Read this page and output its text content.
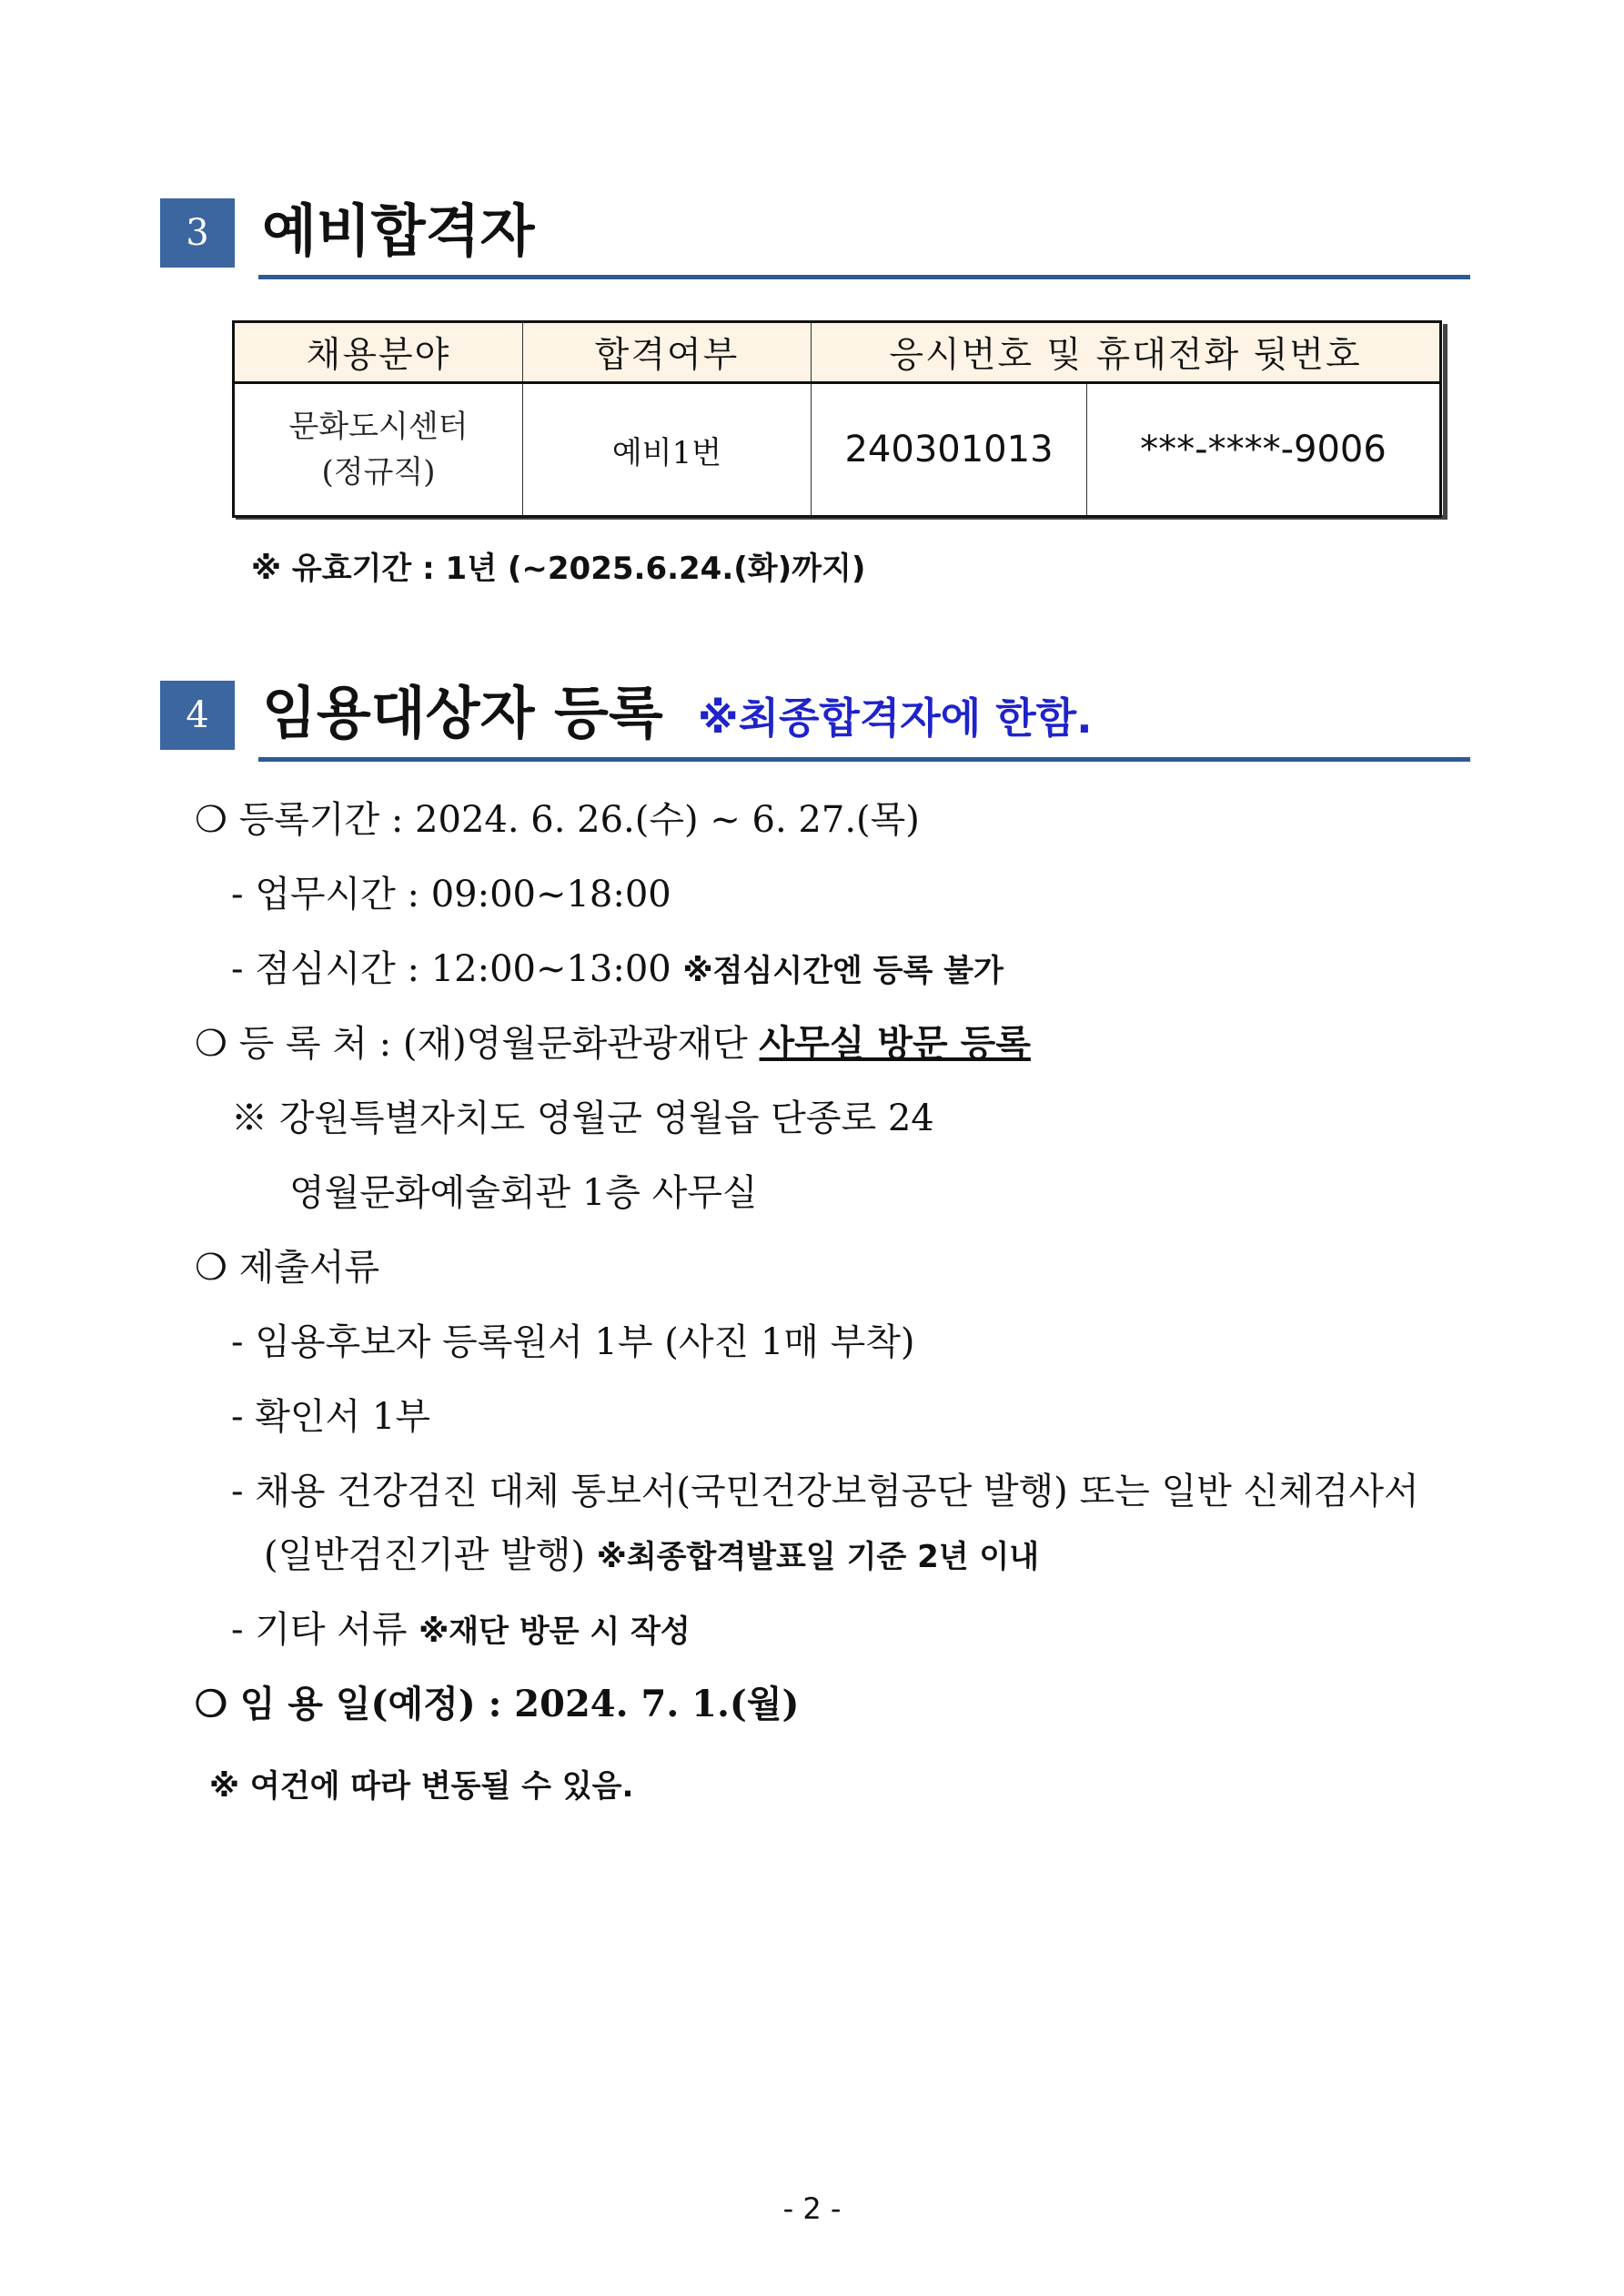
3 예비합격자
채용분야	합격여부	응시번호 및 휴대전화 뒷번호	

문화도시센터
(정규직)	예비1번	240301013	***-****-9006
※ 유효기간 : 1년 (~2025.6.24.(화)까지)
4 임용대상자 등록 ※최종합격자에 한함.
❍ 등록기간 : 2024. 6. 26.(수) ~ 6. 27.(목)
- 업무시간 : 09:00~18:00
- 점심시간 : 12:00~13:00 ※점심시간엔 등록 불가
❍ 등 록 처 : (재)영월문화관광재단 사무실 방문 등록
※ 강원특별자치도 영월군 영월읍 단종로 24
영월문화예술회관 1층 사무실
❍ 제출서류
- 임용후보자 등록원서 1부 (사진 1매 부착)
- 확인서 1부
- 채용 건강검진 대체 통보서(국민건강보험공단 발행) 또는 일반 신체검사서
(일반검진기관 발행) ※최종합격발표일 기준 2년 이내
- 기타 서류 ※재단 방문 시 작성
❍ 임 용 일(예정) : 2024. 7. 1.(월)
※ 여건에 따라 변동될 수 있음.
- 2 -
